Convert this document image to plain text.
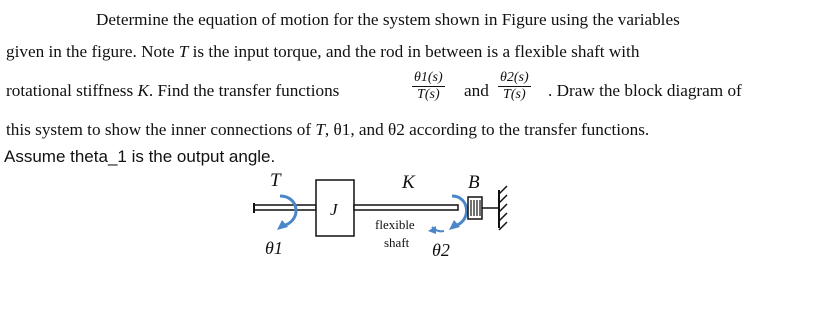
Determine the equation of motion for the system shown in Figure using the variables
given in the figure. Note T is the input torque, and the rod in between is a flexible shaft with
rotational stiffness K. Find the transfer functions	$\frac{\theta 1(s)}{T(s)}$ and $\frac{\theta 2(s)}{T(s)}$ . Draw the block diagram of
this system to show the inner connections of T, θ1, and θ2 according to the transfer functions.
Assume theta_1 is the output angle.
T
J
K	B
θ1	θ2
flexible
shaft
